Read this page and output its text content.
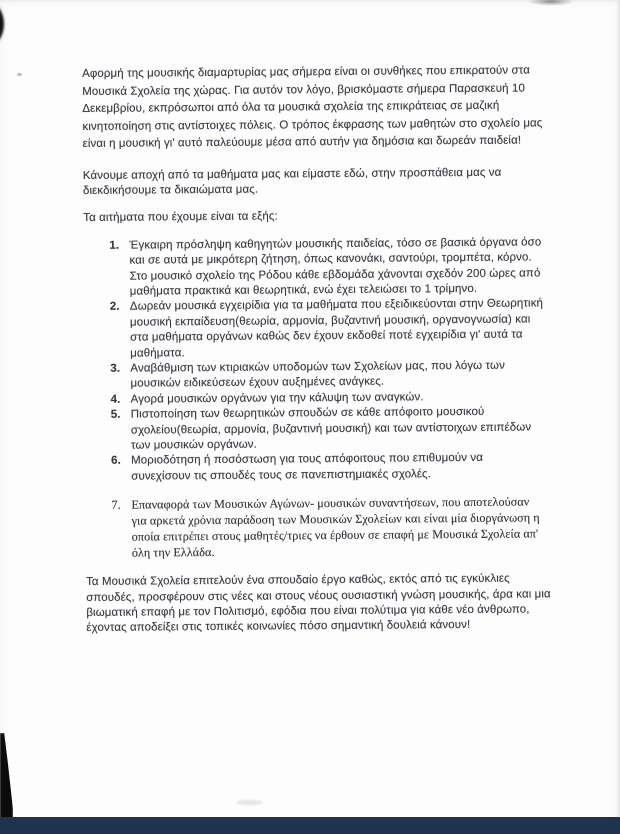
Αφορμή της μουσικής διαμαρτυρίας μας σήμερα είναι οι συνθήκες που επικρατούν στα Μουσικά Σχολεία της χώρας. Για αυτόν τον λόγο, βρισκόμαστε σήμερα Παρασκευή 10 Δεκεμβρίου, εκπρόσωποι από όλα τα μουσικά σχολεία της επικράτειας σε μαζική κινητοποίηση στις αντίστοιχες πόλεις. Ο τρόπος έκφρασης των μαθητών στο σχολείο μας είναι η μουσική γι' αυτό παλεύουμε μέσα από αυτήν για δημόσια και δωρεάν παιδεία!

Κάνουμε αποχή από τα μαθήματα μας και είμαστε εδώ, στην προσπάθεια μας να διεκδικήσουμε τα δικαιώματα μας.

Τα αιτήματα που έχουμε είναι τα εξής:

1. Έγκαιρη πρόσληψη καθηγητών μουσικής παιδείας, τόσο σε βασικά όργανα όσο και σε αυτά με μικρότερη ζήτηση, όπως κανονάκι, σαντούρι, τρομπέτα, κόρνο. Στο μουσικό σχολείο της Ρόδου κάθε εβδομάδα χάνονται σχεδόν 200 ώρες από μαθήματα πρακτικά και θεωρητικά, ενώ έχει τελειώσει το 1 τρίμηνο.
2. Δωρεάν μουσικά εγχειρίδια για τα μαθήματα που εξειδικεύονται στην Θεωρητική μουσική εκπαίδευση(θεωρία, αρμονία, βυζαντινή μουσική, οργανογνωσία) και στα μαθήματα οργάνων καθώς δεν έχουν εκδοθεί ποτέ εγχειρίδια γι' αυτά τα μαθήματα.
3. Αναβάθμιση των κτιριακών υποδομών των Σχολείων μας, που λόγω των μουσικών ειδικεύσεων έχουν αυξημένες ανάγκες.
4. Αγορά μουσικών οργάνων για την κάλυψη των αναγκών.
5. Πιστοποίηση των θεωρητικών σπουδών σε κάθε απόφοιτο μουσικού σχολείου(θεωρία, αρμονία, βυζαντινή μουσική) και των αντίστοιχων επιπέδων των μουσικών οργάνων.
6. Μοριοδότηση ή ποσόστωση για τους απόφοιτους που επιθυμούν να συνεχίσουν τις σπουδές τους σε πανεπιστημιακές σχολές.
7. Επαναφορά των Μουσικών Αγώνων- μουσικών συναντήσεων, που αποτελούσαν για αρκετά χρόνια παράδοση των Μουσικών Σχολείων και είναι μία διοργάνωση η οποία επιτρέπει στους μαθητές/τριες να έρθουν σε επαφή με Μουσικά Σχολεία απ' όλη την Ελλάδα.

Τα Μουσικά Σχολεία επιτελούν ένα σπουδαίο έργο καθώς, εκτός από τις εγκύκλιες σπουδές, προσφέρουν στις νέες και στους νέους ουσιαστική γνώση μουσικής, άρα και μια βιωματική επαφή με τον Πολιτισμό, εφόδια που είναι πολύτιμα για κάθε νέο άνθρωπο, έχοντας αποδείξει στις τοπικές κοινωνίες πόσο σημαντική δουλειά κάνουν!
